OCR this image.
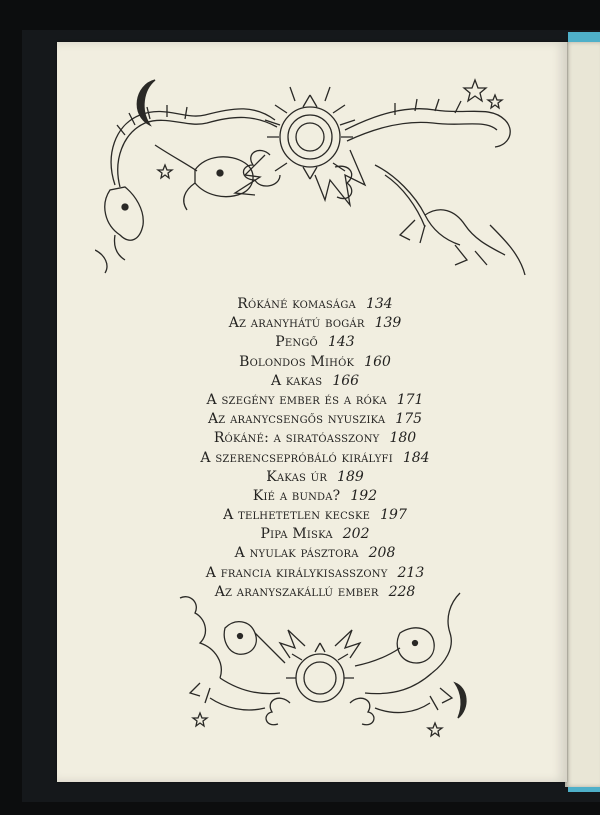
Rókáné komasága 134
Az aranyhátú bogár 139
Pengő 143
Bolondos Mihók 160
A kakas 166
A szegény ember és a róka 171
Az aranycsengős nyuszika 175
Rókáné: a siratóasszony 180
A szerencsepróbáló királyfi 184
Kakas úr 189
Kié a bunda? 192
A telhetetlen kecske 197
Pipa Miska 202
A nyulak pásztora 208
A francia királykisasszony 213
Az aranyszakállú ember 228
